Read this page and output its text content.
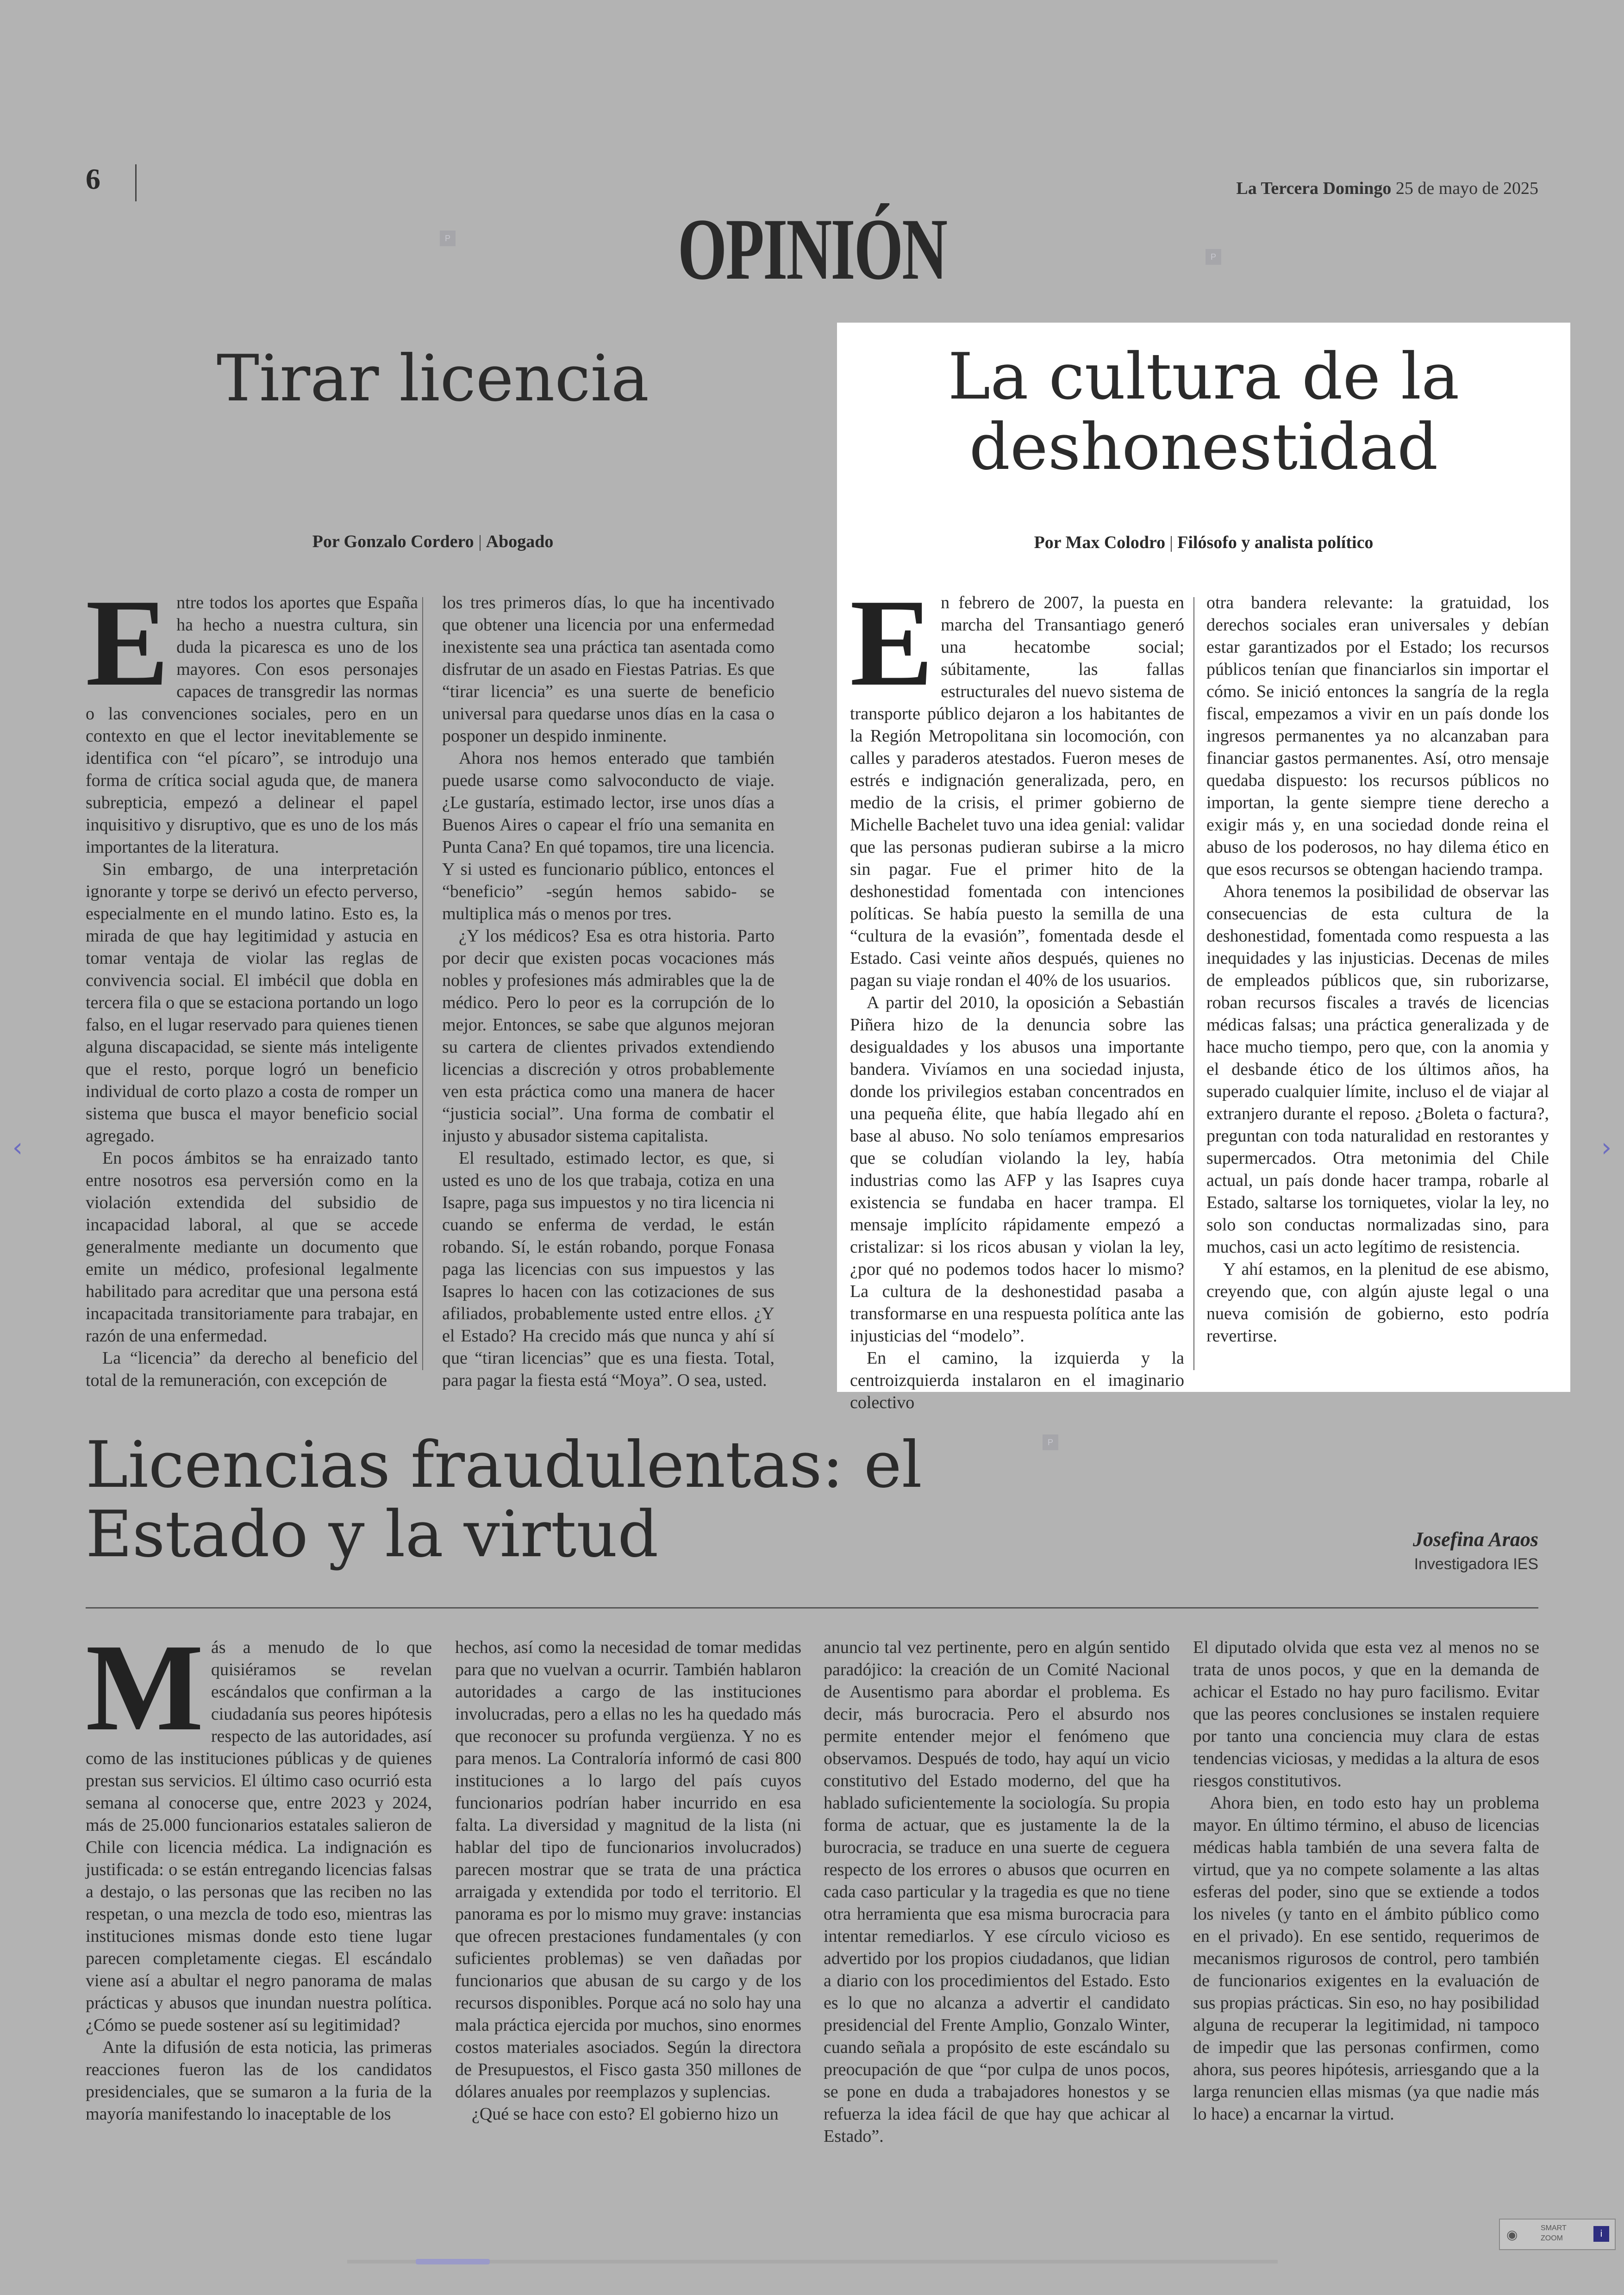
6	La Tercera Domingo 25 de mayo de 2025
OPINIÓN
P
P
P
Tirar licencia
Por Gonzalo Cordero Abogado

Entre todos los aportes que España ha hecho a nuestra cultura, sin duda la picaresca es uno de los mayores. Con esos personajes capaces de transgredir las normas o las convenciones sociales, pero en un contexto en que el lector inevitablemente se identifica con “el pícaro”, se introdujo una forma de crítica social aguda que, de manera subrepticia, empezó a delinear el papel inquisitivo y disruptivo, que es uno de los más importantes de la literatura.

Sin embargo, de una interpretación ignorante y torpe se derivó un efecto perverso, especialmente en el mundo latino. Esto es, la mirada de que hay legitimidad y astucia en tomar ventaja de violar las reglas de convivencia social. El imbécil que dobla en tercera fila o que se estaciona portando un logo falso, en el lugar reservado para quienes tienen alguna discapacidad, se siente más inteligente que el resto, porque logró un beneficio individual de corto plazo a costa de romper un sistema que busca el mayor beneficio social agregado.

En pocos ámbitos se ha enraizado tanto entre nosotros esa perversión como en la violación extendida del subsidio de incapacidad laboral, al que se accede generalmente mediante un documento que emite un médico, profesional legalmente habilitado para acreditar que una persona está incapacitada transitoriamente para trabajar, en razón de una enfermedad.

La “licencia” da derecho al beneficio del total de la remuneración, con excepción de

los tres primeros días, lo que ha incentivado que obtener una licencia por una enfermedad inexistente sea una práctica tan asentada como disfrutar de un asado en Fiestas Patrias. Es que “tirar licencia” es una suerte de beneficio universal para quedarse unos días en la casa o posponer un despido inminente.

Ahora nos hemos enterado que también puede usarse como salvoconducto de viaje. ¿Le gustaría, estimado lector, irse unos días a Buenos Aires o capear el frío una semanita en Punta Cana? En qué topamos, tire una licencia. Y si usted es funcionario público, entonces el “beneficio” -según hemos sabido- se multiplica más o menos por tres.

¿Y los médicos? Esa es otra historia. Parto por decir que existen pocas vocaciones más nobles y profesiones más admirables que la de médico. Pero lo peor es la corrupción de lo mejor. Entonces, se sabe que algunos mejoran su cartera de clientes privados extendiendo licencias a discreción y otros probablemente ven esta práctica como una manera de hacer “justicia social”. Una forma de combatir el injusto y abusador sistema capitalista.

El resultado, estimado lector, es que, si usted es uno de los que trabaja, cotiza en una Isapre, paga sus impuestos y no tira licencia ni cuando se enferma de verdad, le están robando. Sí, le están robando, porque Fonasa paga las licencias con sus impuestos y las Isapres lo hacen con las cotizaciones de sus afiliados, probablemente usted entre ellos. ¿Y el Estado? Ha crecido más que nunca y ahí sí que “tiran licencias” que es una fiesta. Total, para pagar la fiesta está “Moya”. O sea, usted.

La cultura de la
deshonestidad
Por Max Colodro Filósofo y analista político

En febrero de 2007, la puesta en marcha del Transantiago generó una hecatombe social; súbitamente, las fallas estructurales del nuevo sistema de transporte público dejaron a los habitantes de la Región Metropolitana sin locomoción, con calles y paraderos atestados. Fueron meses de estrés e indignación generalizada, pero, en medio de la crisis, el primer gobierno de Michelle Bachelet tuvo una idea genial: validar que las personas pudieran subirse a la micro sin pagar. Fue el primer hito de la deshonestidad fomentada con intenciones políticas. Se había puesto la semilla de una “cultura de la evasión”, fomentada desde el Estado. Casi veinte años después, quienes no pagan su viaje rondan el 40% de los usuarios.

A partir del 2010, la oposición a Sebastián Piñera hizo de la denuncia sobre las desigualdades y los abusos una importante bandera. Vivíamos en una sociedad injusta, donde los privilegios estaban concentrados en una pequeña élite, que había llegado ahí en base al abuso. No solo teníamos empresarios que se coludían violando la ley, había industrias como las AFP y las Isapres cuya existencia se fundaba en hacer trampa. El mensaje implícito rápidamente empezó a cristalizar: si los ricos abusan y violan la ley, ¿por qué no podemos todos hacer lo mismo? La cultura de la deshonestidad pasaba a transformarse en una respuesta política ante las injusticias del “modelo”.

En el camino, la izquierda y la centroizquierda instalaron en el imaginario colectivo

otra bandera relevante: la gratuidad, los derechos sociales eran universales y debían estar garantizados por el Estado; los recursos públicos tenían que financiarlos sin importar el cómo. Se inició entonces la sangría de la regla fiscal, empezamos a vivir en un país donde los ingresos permanentes ya no alcanzaban para financiar gastos permanentes. Así, otro mensaje quedaba dispuesto: los recursos públicos no importan, la gente siempre tiene derecho a exigir más y, en una sociedad donde reina el abuso de los poderosos, no hay dilema ético en que esos recursos se obtengan haciendo trampa.

Ahora tenemos la posibilidad de observar las consecuencias de esta cultura de la deshonestidad, fomentada como respuesta a las inequidades y las injusticias. Decenas de miles de empleados públicos que, sin ruborizarse, roban recursos fiscales a través de licencias médicas falsas; una práctica generalizada y de hace mucho tiempo, pero que, con la anomia y el desbande ético de los últimos años, ha superado cualquier límite, incluso el de viajar al extranjero durante el reposo. ¿Boleta o factura?, preguntan con toda naturalidad en restorantes y supermercados. Otra metonimia del Chile actual, un país donde hacer trampa, robarle al Estado, saltarse los torniquetes, violar la ley, no solo son conductas normalizadas sino, para muchos, casi un acto legítimo de resistencia.

Y ahí estamos, en la plenitud de ese abismo, creyendo que, con algún ajuste legal o una nueva comisión de gobierno, esto podría revertirse.

Licencias fraudulentas: el
Estado y la virtud	Josefina Araos
Investigadora IES

Más a menudo de lo que quisiéramos se revelan escándalos que confirman a la ciudadanía sus peores hipótesis respecto de las autoridades, así como de las instituciones públicas y de quienes prestan sus servicios. El último caso ocurrió esta semana al conocerse que, entre 2023 y 2024, más de 25.000 funcionarios estatales salieron de Chile con licencia médica. La indignación es justificada: o se están entregando licencias falsas a destajo, o las personas que las reciben no las respetan, o una mezcla de todo eso, mientras las instituciones mismas donde esto tiene lugar parecen completamente ciegas. El escándalo viene así a abultar el negro panorama de malas prácticas y abusos que inundan nuestra política. ¿Cómo se puede sostener así su legitimidad?

Ante la difusión de esta noticia, las primeras reacciones fueron las de los candidatos presidenciales, que se sumaron a la furia de la mayoría manifestando lo inaceptable de los

hechos, así como la necesidad de tomar medidas para que no vuelvan a ocurrir. También hablaron autoridades a cargo de las instituciones involucradas, pero a ellas no les ha quedado más que reconocer su profunda vergüenza. Y no es para menos. La Contraloría informó de casi 800 instituciones a lo largo del país cuyos funcionarios podrían haber incurrido en esa falta. La diversidad y magnitud de la lista (ni hablar del tipo de funcionarios involucrados) parecen mostrar que se trata de una práctica arraigada y extendida por todo el territorio. El panorama es por lo mismo muy grave: instancias que ofrecen prestaciones fundamentales (y con suficientes problemas) se ven dañadas por funcionarios que abusan de su cargo y de los recursos disponibles. Porque acá no solo hay una mala práctica ejercida por muchos, sino enormes costos materiales asociados. Según la directora de Presupuestos, el Fisco gasta 350 millones de dólares anuales por reemplazos y suplencias.

¿Qué se hace con esto? El gobierno hizo un

anuncio tal vez pertinente, pero en algún sentido paradójico: la creación de un Comité Nacional de Ausentismo para abordar el problema. Es decir, más burocracia. Pero el absurdo nos permite entender mejor el fenómeno que observamos. Después de todo, hay aquí un vicio constitutivo del Estado moderno, del que ha hablado suficientemente la sociología. Su propia forma de actuar, que es justamente la de la burocracia, se traduce en una suerte de ceguera respecto de los errores o abusos que ocurren en cada caso particular y la tragedia es que no tiene otra herramienta que esa misma burocracia para intentar remediarlos. Y ese círculo vicioso es advertido por los propios ciudadanos, que lidian a diario con los procedimientos del Estado. Esto es lo que no alcanza a advertir el candidato presidencial del Frente Amplio, Gonzalo Winter, cuando señala a propósito de este escándalo su preocupación de que “por culpa de unos pocos, se pone en duda a trabajadores honestos y se refuerza la idea fácil de que hay que achicar al Estado”.

El diputado olvida que esta vez al menos no se trata de unos pocos, y que en la demanda de achicar el Estado no hay puro facilismo. Evitar que las peores conclusiones se instalen requiere por tanto una conciencia muy clara de estas tendencias viciosas, y medidas a la altura de esos riesgos constitutivos.

Ahora bien, en todo esto hay un problema mayor. En último término, el abuso de licencias médicas habla también de una severa falta de virtud, que ya no compete solamente a las altas esferas del poder, sino que se extiende a todos los niveles (y tanto en el ámbito público como en el privado). En ese sentido, requerimos de mecanismos rigurosos de control, pero también de funcionarios exigentes en la evaluación de sus propias prácticas. Sin eso, no hay posibilidad alguna de recuperar la legitimidad, ni tampoco de impedir que las personas confirmen, como ahora, sus peores hipótesis, arriesgando que a la larga renuncien ellas mismas (ya que nadie más lo hace) a encarnar la virtud.

‹	›
◉	SMART
ZOOM	i
